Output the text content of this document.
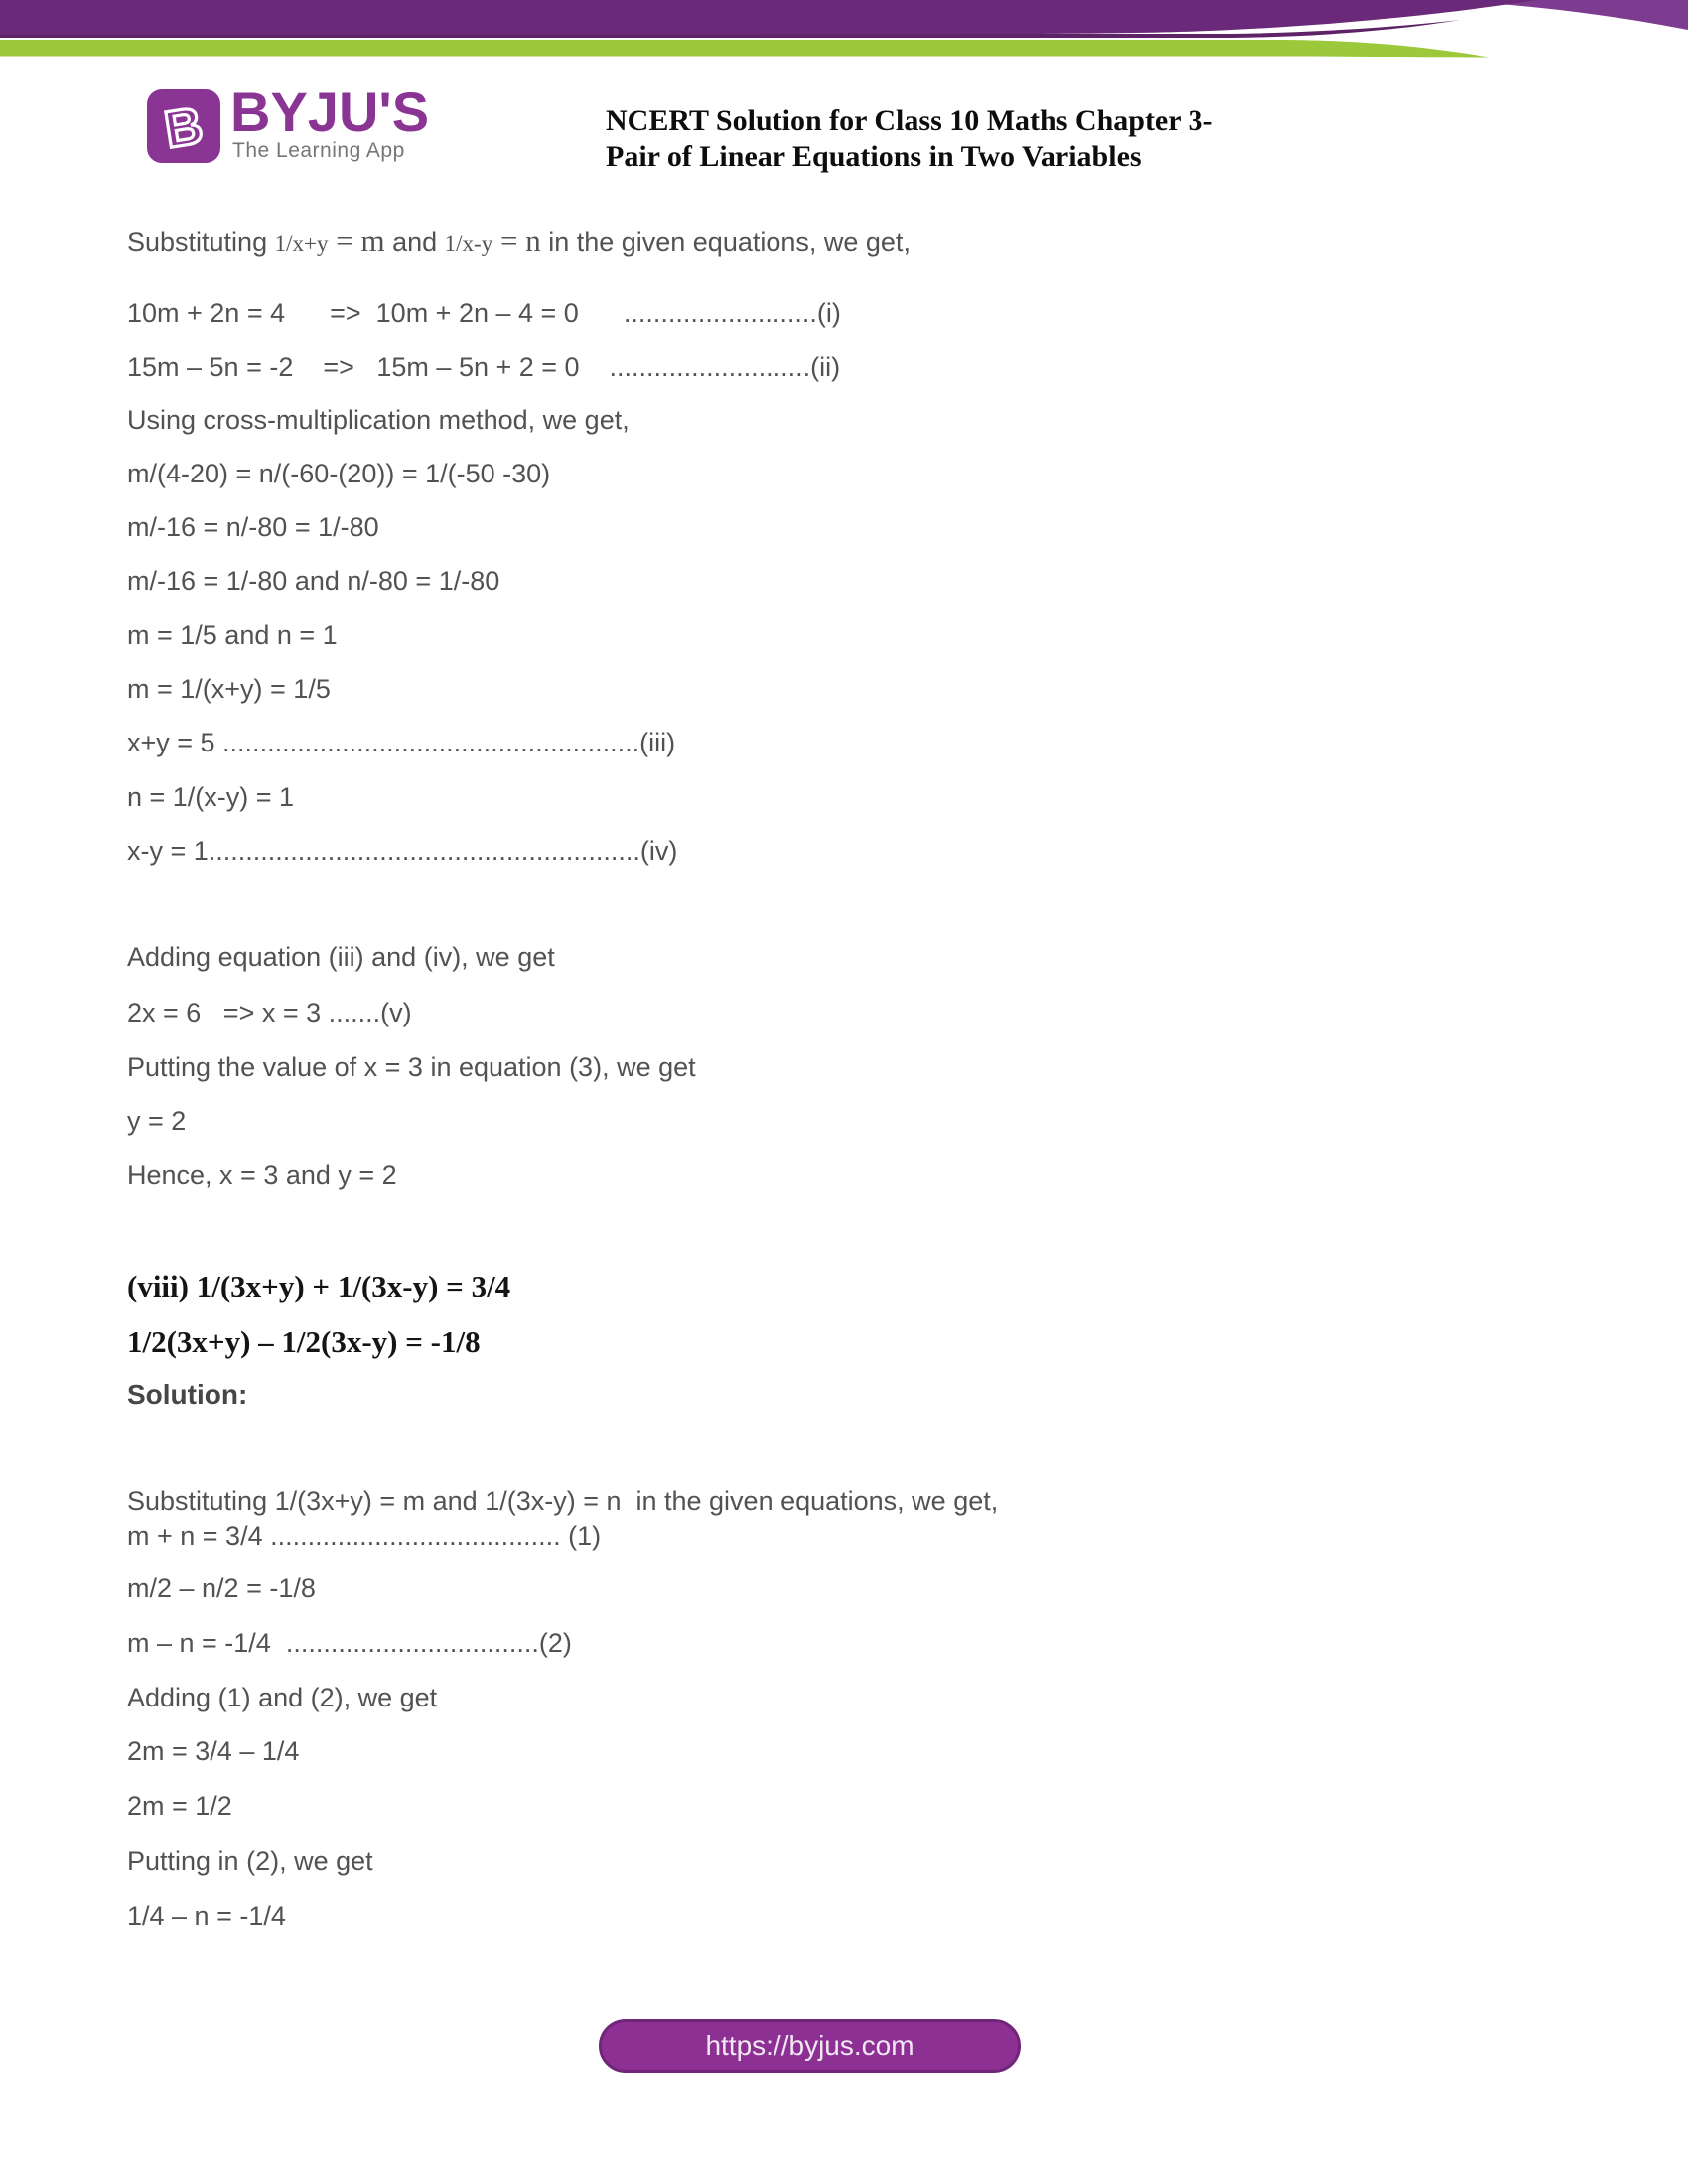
B BYJU'S
The Learning App
NCERT Solution for Class 10 Maths Chapter 3-
Pair of Linear Equations in Two Variables
Substituting 1/x+y = m and 1/x-y = n in the given equations, we get,
10m + 2n = 4      =>  10m + 2n – 4 = 0      ..........................(i)
15m – 5n = -2    =>   15m – 5n + 2 = 0    ...........................(ii)
Using cross-multiplication method, we get,
m/(4-20) = n/(-60-(20)) = 1/(-50 -30)
m/-16 = n/-80 = 1/-80
m/-16 = 1/-80 and n/-80 = 1/-80
m = 1/5 and n = 1
m = 1/(x+y) = 1/5
x+y = 5 ........................................................(iii)
n = 1/(x-y) = 1
x-y = 1..........................................................(iv)
Adding equation (iii) and (iv), we get
2x = 6   => x = 3 .......(v)
Putting the value of x = 3 in equation (3), we get
y = 2
Hence, x = 3 and y = 2
(viii) 1/(3x+y) + 1/(3x-y) = 3/4
1/2(3x+y) – 1/2(3x-y) = -1/8
Solution:
Substituting 1/(3x+y) = m and 1/(3x-y) = n  in the given equations, we get,
m + n = 3/4 ....................................... (1)
m/2 – n/2 = -1/8
m – n = -1/4  ..................................(2)
Adding (1) and (2), we get
2m = 3/4 – 1/4
2m = 1/2
Putting in (2), we get
1/4 – n = -1/4
https://byjus.com
